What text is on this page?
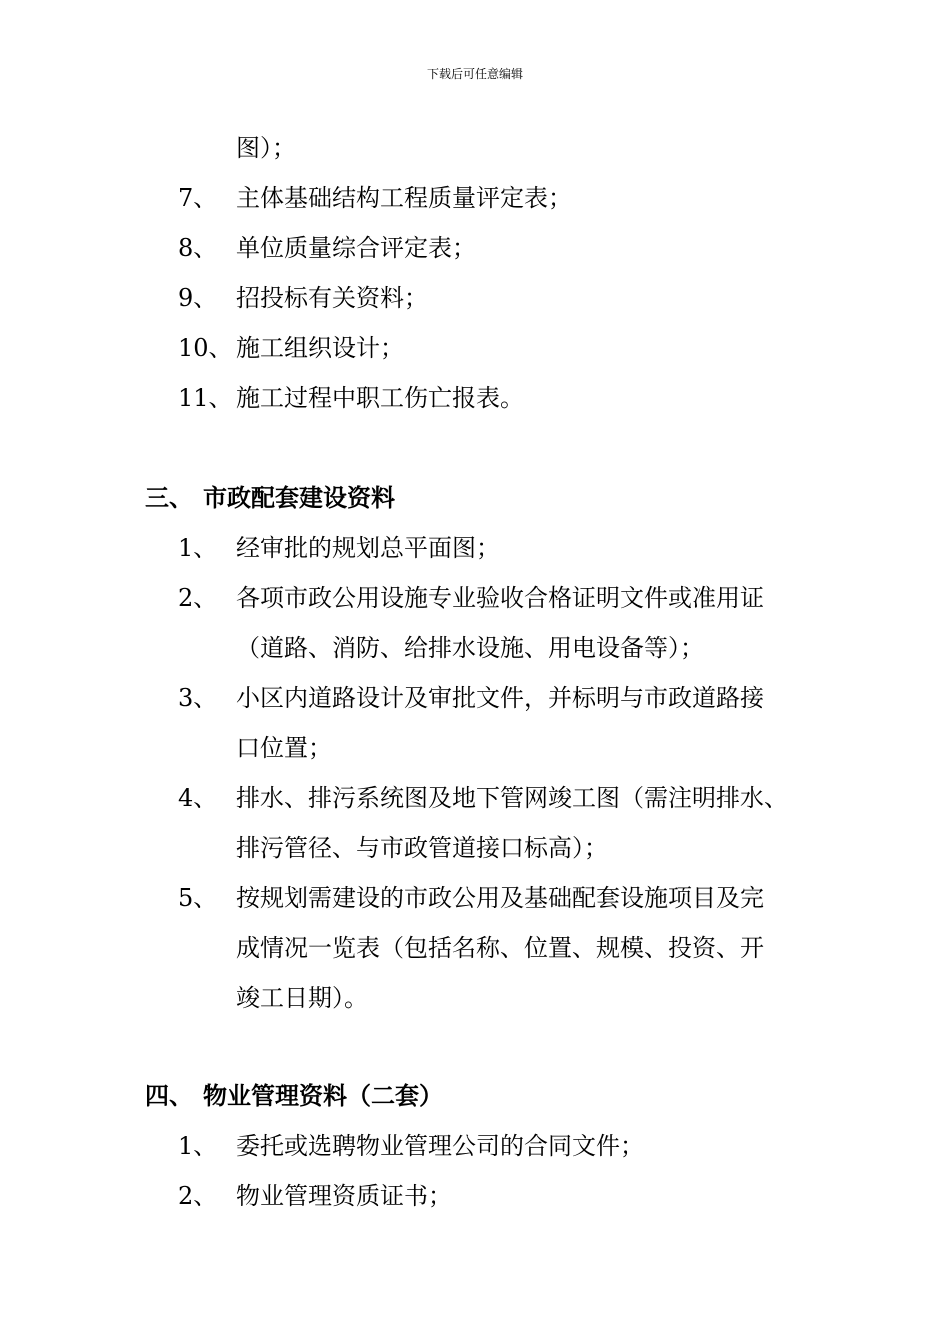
下载后可任意编辑
图）；
7、 主体基础结构工程质量评定表；
8、 单位质量综合评定表；
9、 招投标有关资料；
10、 施工组织设计；
11、 施工过程中职工伤亡报表。
三、 市政配套建设资料
1、 经审批的规划总平面图；
2、 各项市政公用设施专业验收合格证明文件或准用证
（道路、消防、给排水设施、用电设备等）；
3、 小区内道路设计及审批文件，并标明与市政道路接
口位置；
4、 排水、排污系统图及地下管网竣工图（需注明排水、
排污管径、与市政管道接口标高）；
5、 按规划需建设的市政公用及基础配套设施项目及完
成情况一览表（包括名称、位置、规模、投资、开
竣工日期）。
四、 物业管理资料（二套）
1、 委托或选聘物业管理公司的合同文件；
2、 物业管理资质证书；
